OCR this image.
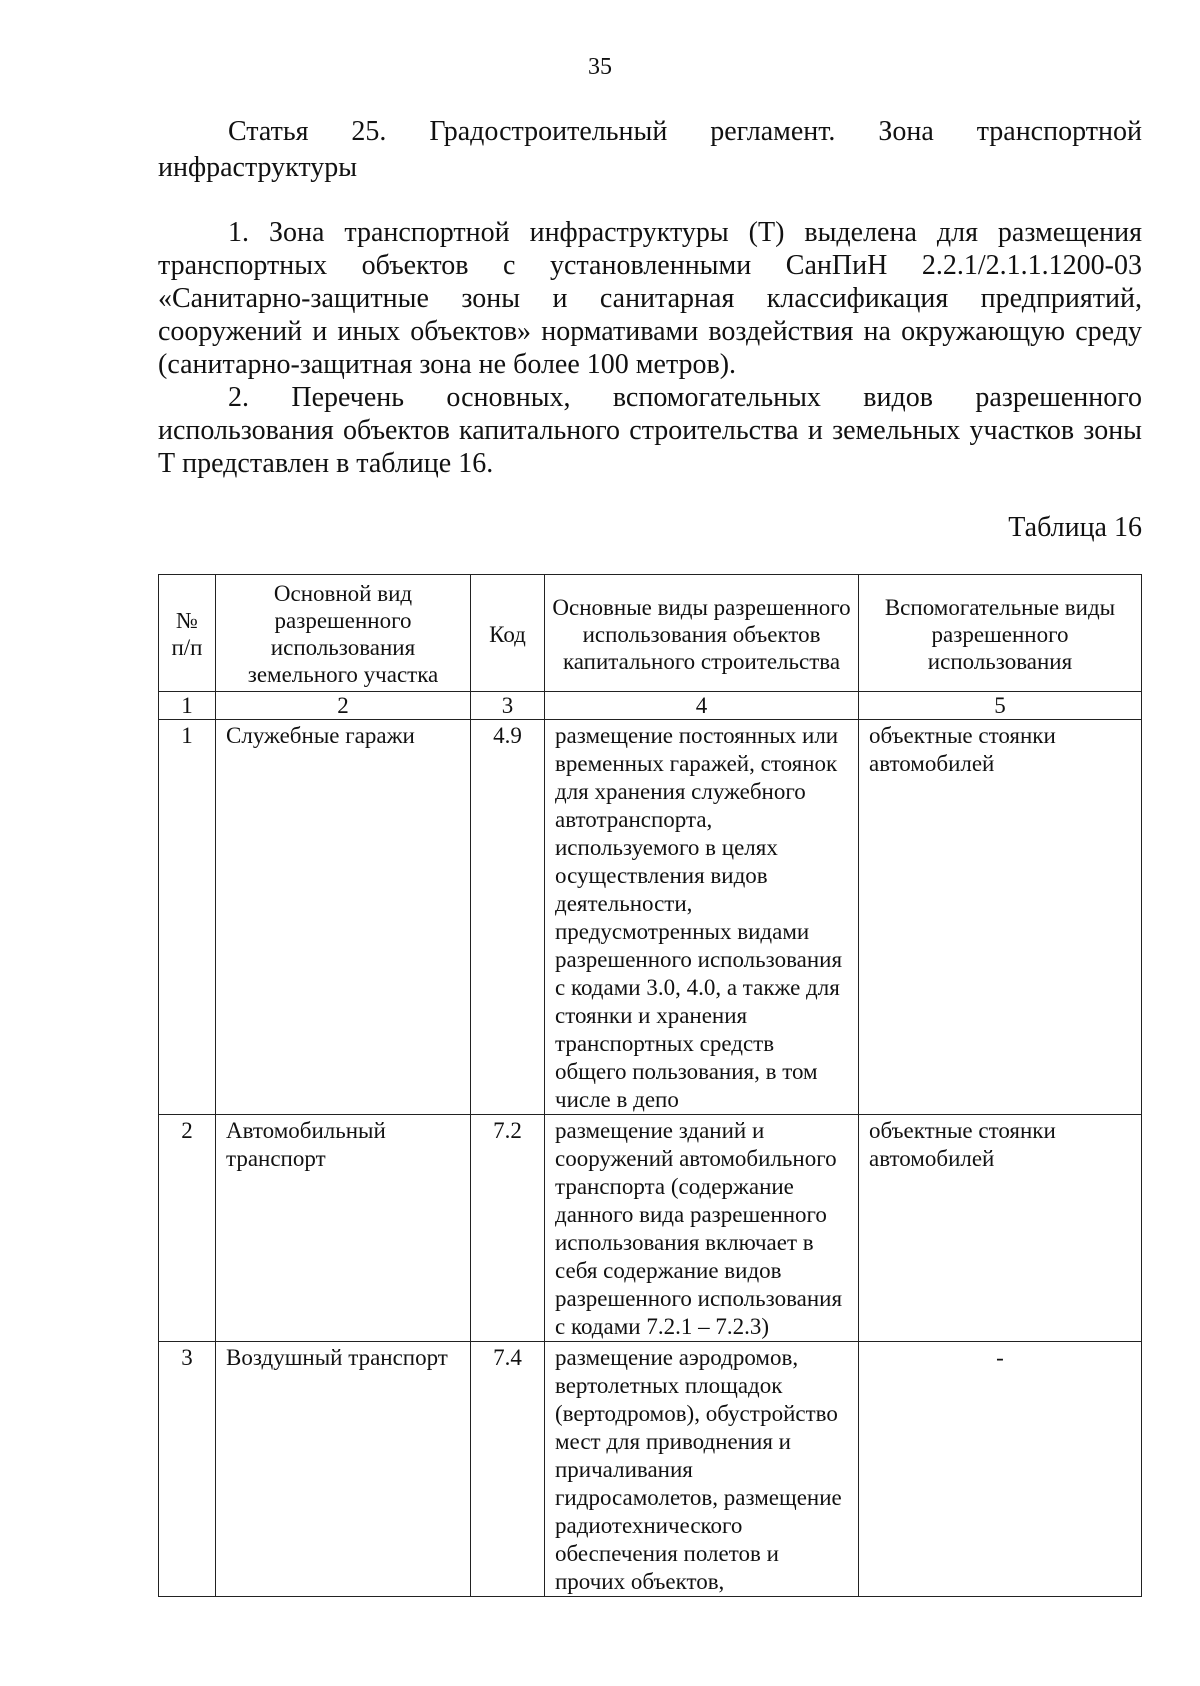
35
Статья 25. Градостроительный регламент. Зона транспортной
инфраструктуры

1. Зона транспортной инфраструктуры (Т) выделена для размещения транспортных объектов с установленными СанПиН 2.2.1/2.1.1.1200-03 «Санитарно-защитные зоны и санитарная классификация предприятий, сооружений и иных объектов» нормативами воздействия на окружающую среду (санитарно-защитная зона не более 100 метров).

2. Перечень основных, вспомогательных видов разрешенного использования объектов капитального строительства и земельных участков зоны Т представлен в таблице 16.

Таблица 16
№ п/п	Основной вид разрешенного использования земельного участка	Код	Основные виды разрешенного использования объектов капитального строительства	Вспомогательные виды разрешенного использования
1	2	3	4	5
1	Служебные гаражи	4.9	размещение постоянных или временных гаражей, стоянок для хранения служебного автотранспорта, используемого в целях осуществления видов деятельности, предусмотренных видами разрешенного использования с кодами 3.0, 4.0, а также для стоянки и хранения транспортных средств общего пользования, в том числе в депо	объектные стоянки автомобилей
2	Автомобильный транспорт	7.2	размещение зданий и сооружений автомобильного транспорта (содержание данного вида разрешенного использования включает в себя содержание видов разрешенного использования с кодами 7.2.1 – 7.2.3)	объектные стоянки автомобилей
3	Воздушный транспорт	7.4	размещение аэродромов, вертолетных площадок (вертодромов), обустройство мест для приводнения и причаливания гидросамолетов, размещение радиотехнического обеспечения полетов и прочих объектов,	-
